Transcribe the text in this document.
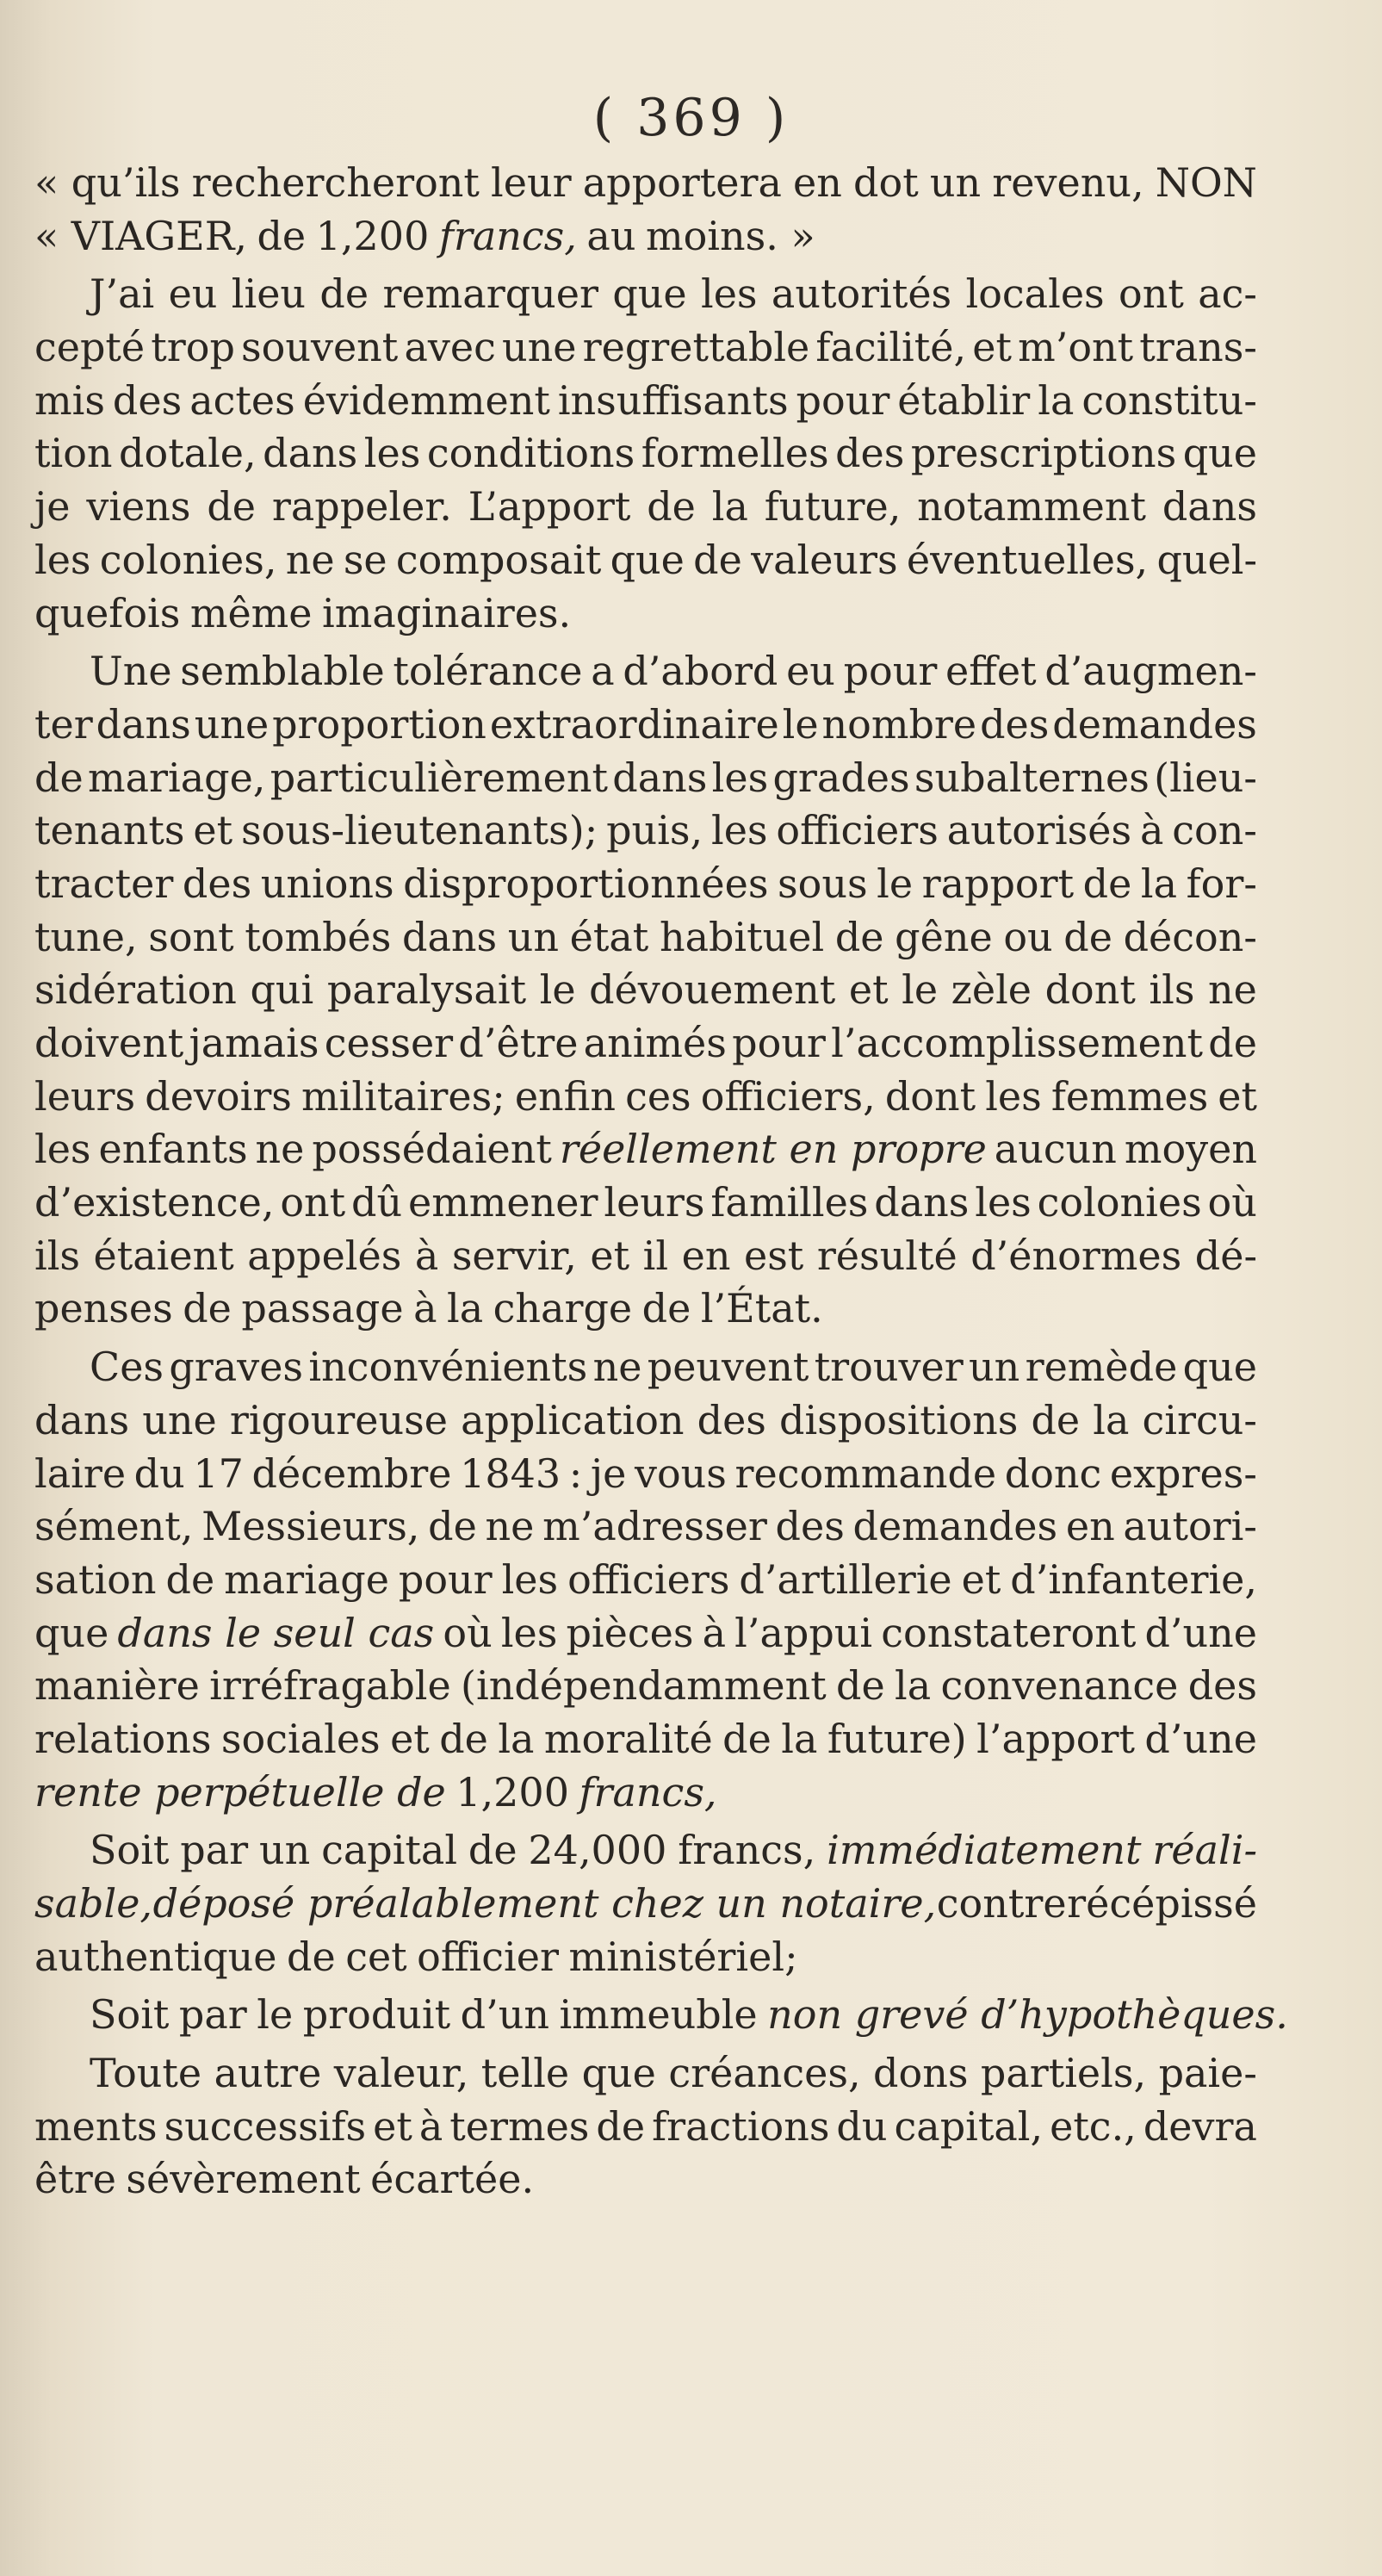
( 369 )

« qu’ils rechercheront leur apportera en dot un revenu, NON
« VIAGER, de 1,200 francs, au moins. »

J’ai eu lieu de remarquer que les autorités locales ont ac-
cepté trop souvent avec une regrettable facilité, et m’ont trans-
mis des actes évidemment insuffisants pour établir la constitu-
tion dotale, dans les conditions formelles des prescriptions que
je viens de rappeler. L’apport de la future, notamment dans
les colonies, ne se composait que de valeurs éventuelles, quel-
quefois même imaginaires.

Une semblable tolérance a d’abord eu pour effet d’augmen-
ter dans une proportion extraordinaire le nombre des demandes
de mariage, particulièrement dans les grades subalternes (lieu-
tenants et sous-lieutenants); puis, les officiers autorisés à con-
tracter des unions disproportionnées sous le rapport de la for-
tune, sont tombés dans un état habituel de gêne ou de décon-
sidération qui paralysait le dévouement et le zèle dont ils ne
doivent jamais cesser d’être animés pour l’accomplissement de
leurs devoirs militaires; enfin ces officiers, dont les femmes et
les enfants ne possédaient réellement en propre aucun moyen
d’existence, ont dû emmener leurs familles dans les colonies où
ils étaient appelés à servir, et il en est résulté d’énormes dé-
penses de passage à la charge de l’État.

Ces graves inconvénients ne peuvent trouver un remède que
dans une rigoureuse application des dispositions de la circu-
laire du 17 décembre 1843 : je vous recommande donc expres-
sément, Messieurs, de ne m’adresser des demandes en autori-
sation de mariage pour les officiers d’artillerie et d’infanterie,
que dans le seul cas où les pièces à l’appui constateront d’une
manière irréfragable (indépendamment de la convenance des
relations sociales et de la moralité de la future) l’apport d’une
rente perpétuelle de 1,200 francs,

Soit par un capital de 24,000 francs, immédiatement réali-
sable, déposé préalablement chez un notaire, contre récépissé
authentique de cet officier ministériel;

Soit par le produit d’un immeuble non grevé d’hypothèques.

Toute autre valeur, telle que créances, dons partiels, paie-
ments successifs et à termes de fractions du capital, etc., devra
être sévèrement écartée.
